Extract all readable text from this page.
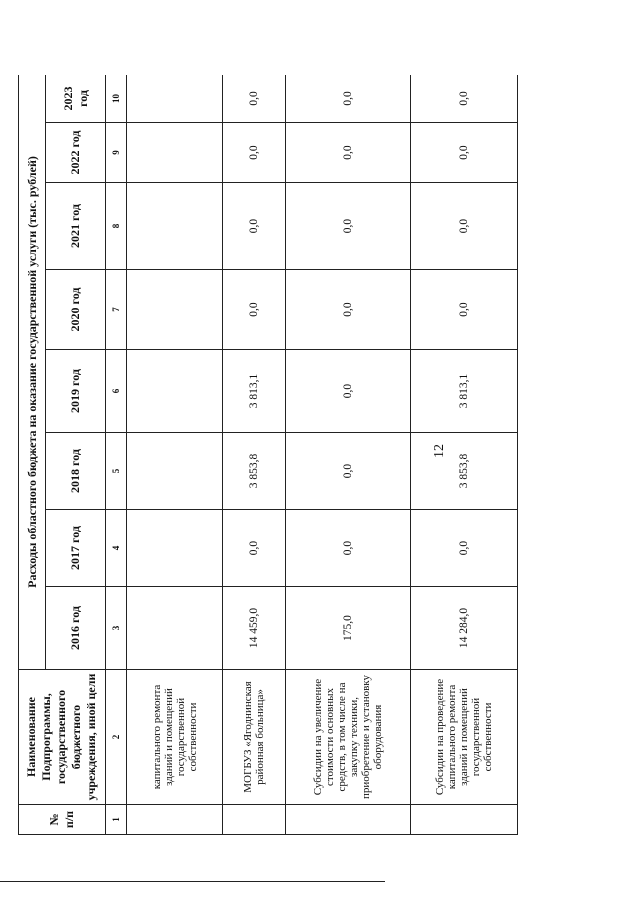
12
№ п/п	Наименование Подпрограммы, государственного бюджетного учреждения, иной цели	Расходы областного бюджета на оказание государственной услуги (тыс. рублей)							
		2016 год	2017 год	2018 год	2019 год	2020 год	2021 год	2022 год	2023 год
1	2	3	4	5	6	7	8	9	10
	капитального ремонта зданий и помещений государственной собственности								
	МОГБУЗ «Ягоднинская районная больница»	14 459,0	0,0	3 853,8	3 813,1	0,0	0,0	0,0	0,0
	Субсидии на увеличение стоимости основных средств, в том числе на закупку техники, приобретение и установку оборудования	175,0	0,0	0,0	0,0	0,0	0,0	0,0	0,0
	Субсидии на проведение капитального ремонта зданий и помещений государственной собственности	14 284,0	0,0	3 853,8	3 813,1	0,0	0,0	0,0	0,0
